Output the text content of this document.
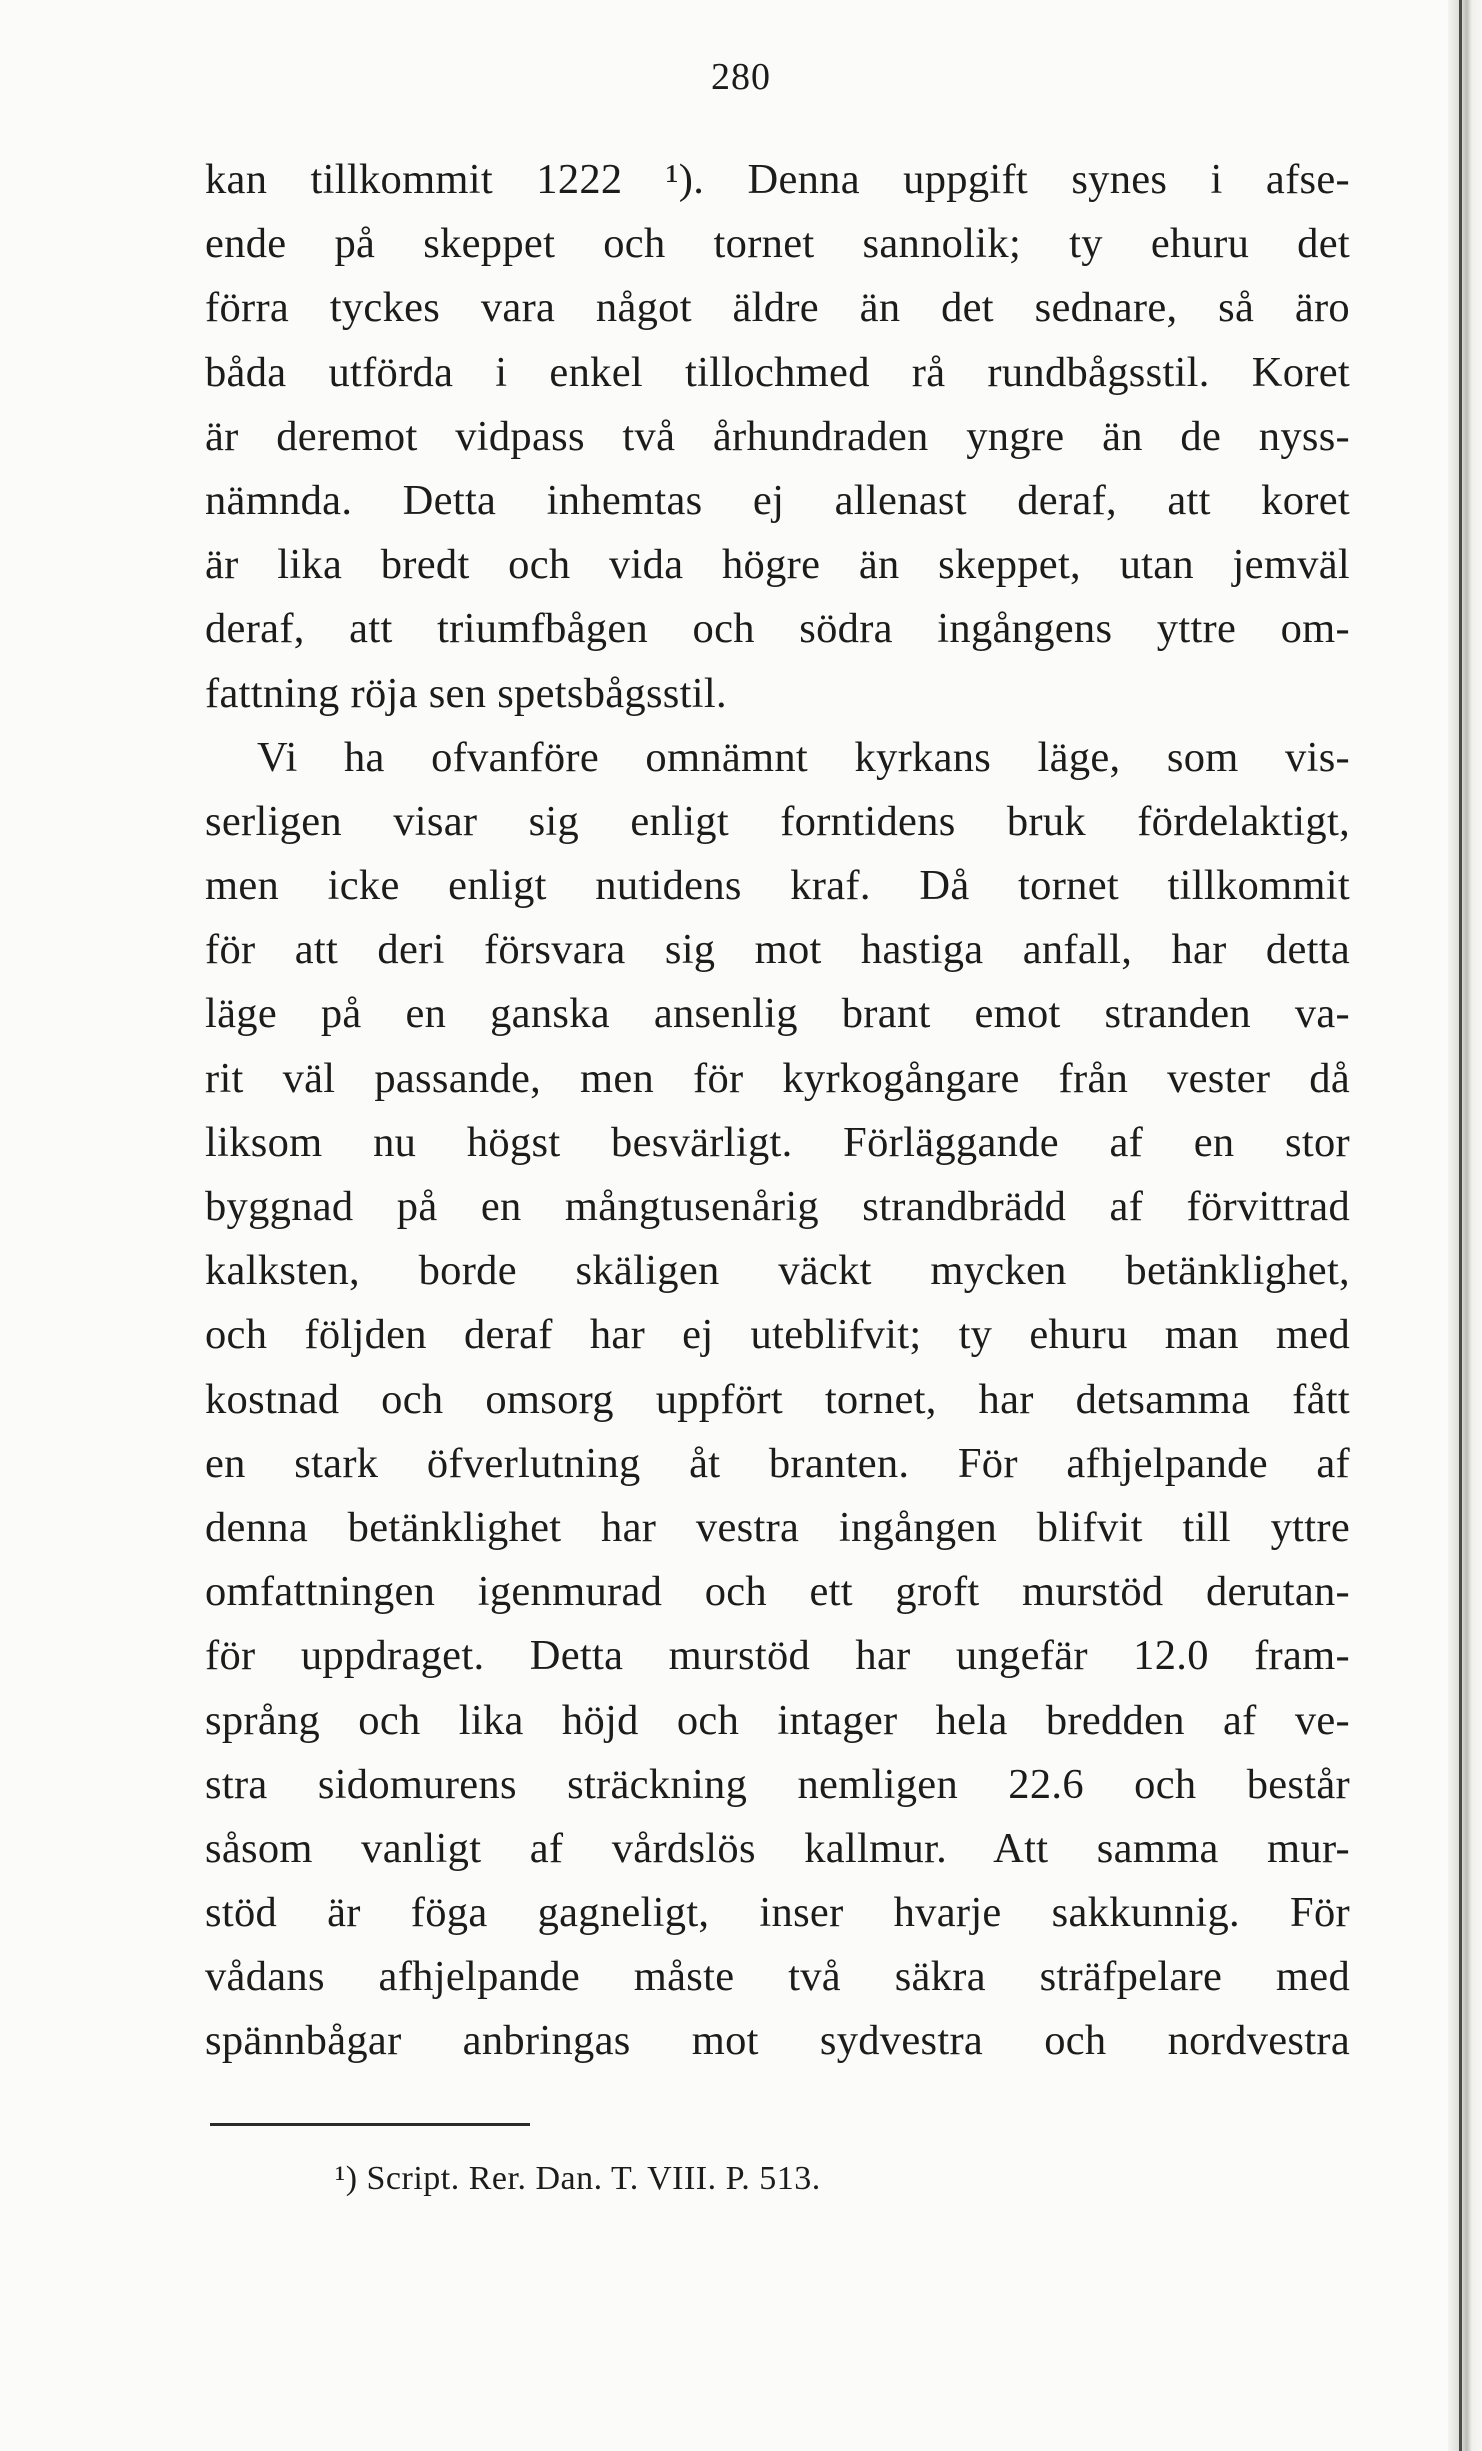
280
kan tillkommit 1222 ¹). Denna uppgift synes i afse-
ende på skeppet och tornet sannolik; ty ehuru det
förra tyckes vara något äldre än det sednare, så äro
båda utförda i enkel tillochmed rå rundbågsstil. Koret
är deremot vidpass två århundraden yngre än de nyss-
nämnda. Detta inhemtas ej allenast deraf, att koret
är lika bredt och vida högre än skeppet, utan jemväl
deraf, att triumfbågen och södra ingångens yttre om-
fattning röja sen spetsbågsstil.
Vi ha ofvanföre omnämnt kyrkans läge, som vis-
serligen visar sig enligt forntidens bruk fördelaktigt,
men icke enligt nutidens kraf. Då tornet tillkommit
för att deri försvara sig mot hastiga anfall, har detta
läge på en ganska ansenlig brant emot stranden va-
rit väl passande, men för kyrkogångare från vester då
liksom nu högst besvärligt. Förläggande af en stor
byggnad på en mångtusenårig strandbrädd af förvittrad
kalksten, borde skäligen väckt mycken betänklighet,
och följden deraf har ej uteblifvit; ty ehuru man med
kostnad och omsorg uppfört tornet, har detsamma fått
en stark öfverlutning åt branten. För afhjelpande af
denna betänklighet har vestra ingången blifvit till yttre
omfattningen igenmurad och ett groft murstöd derutan-
för uppdraget. Detta murstöd har ungefär 12.0 fram-
språng och lika höjd och intager hela bredden af ve-
stra sidomurens sträckning nemligen 22.6 och består
såsom vanligt af vårdslös kallmur. Att samma mur-
stöd är föga gagneligt, inser hvarje sakkunnig. För
vådans afhjelpande måste två säkra sträfpelare med
spännbågar anbringas mot sydvestra och nordvestra
¹) Script. Rer. Dan. T. VIII. P. 513.
